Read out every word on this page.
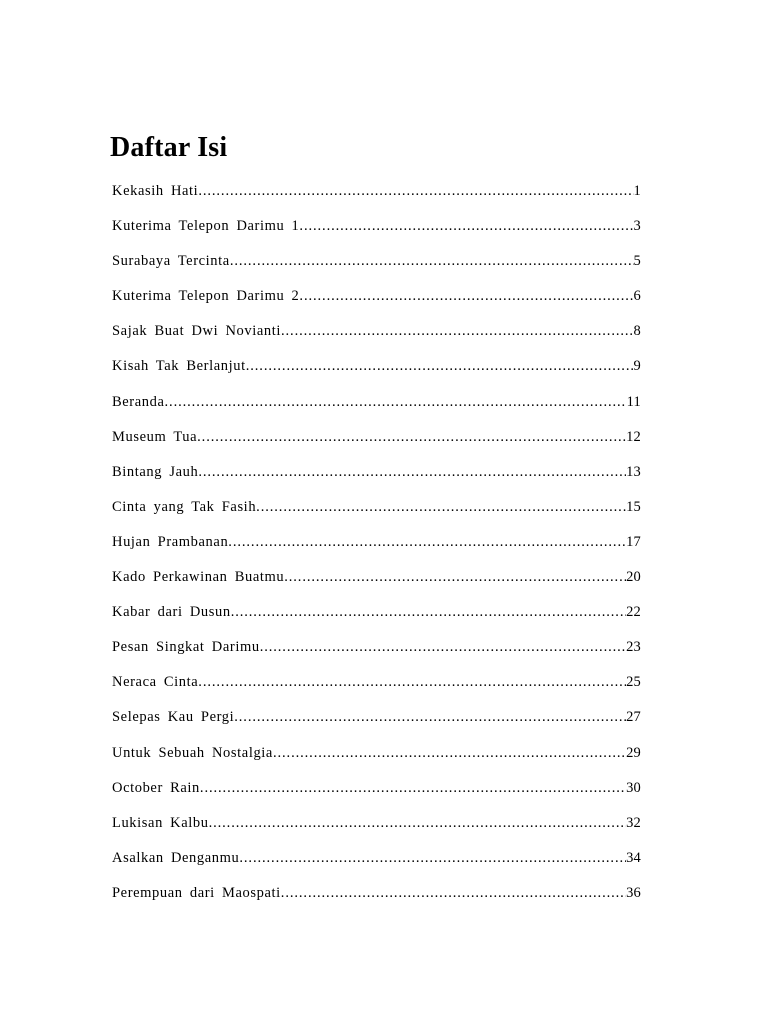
Daftar Isi
Kekasih Hati .....	1
Kuterima Telepon Darimu 1 .....	3
Surabaya Tercinta .....	5
Kuterima Telepon Darimu 2 .....	6
Sajak Buat Dwi Novianti .....	8
Kisah Tak Berlanjut .....	9
Beranda .....	11
Museum Tua .....	12
Bintang Jauh .....	13
Cinta yang Tak Fasih .....	15
Hujan Prambanan .....	17
Kado Perkawinan Buatmu .....	20
Kabar dari Dusun .....	22
Pesan Singkat Darimu .....	23
Neraca Cinta .....	25
Selepas Kau Pergi .....	27
Untuk Sebuah Nostalgia .....	29
October Rain .....	30
Lukisan Kalbu .....	32
Asalkan Denganmu .....	34
Perempuan dari Maospati .....	36
